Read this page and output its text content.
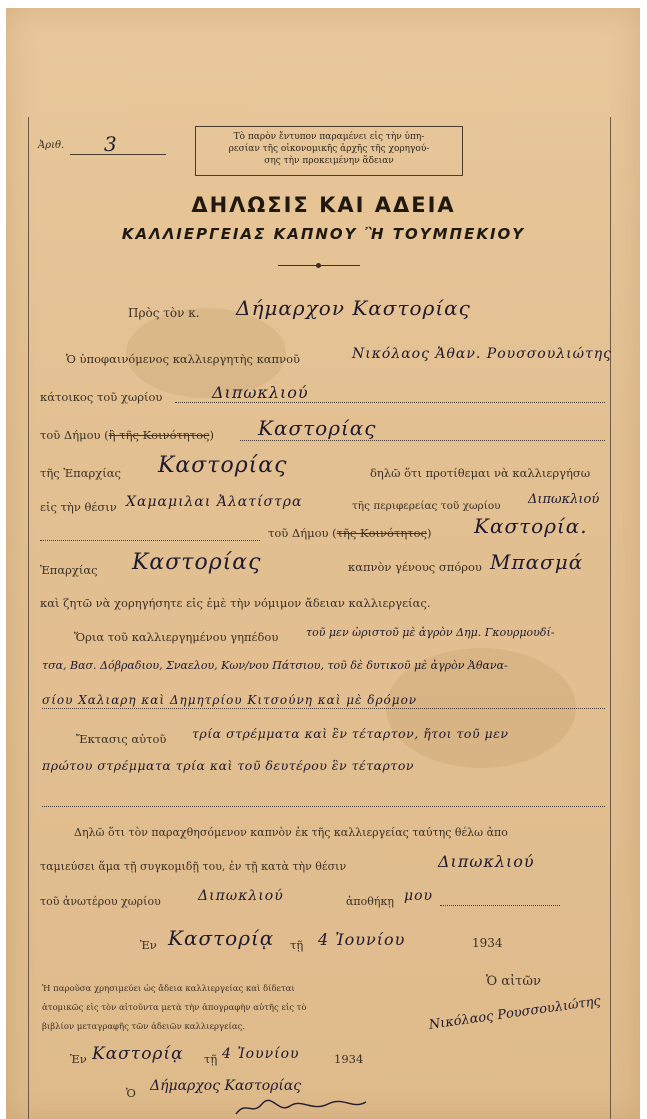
Ἀριθ. 3	Τὸ παρὸν ἔντυπον παραμένει εἰς τὴν ὑπη-
ρεσίαν τῆς οἰκονομικῆς ἀρχῆς τῆς χορηγού-
σης τὴν προκειμένην ἄδειαν
ΔΗΛΩΣΙΣ ΚΑΙ ΑΔΕΙΑ
ΚΑΛΛΙΕΡΓΕΙΑΣ ΚΑΠΝΟΥ Ἢ ΤΟΥΜΠΕΚΙΟΥ
Πρὸς τὸν κ. Δήμαρχον Καστορίας
Ὁ ὑποφαινόμενος καλλιεργητὴς καπνοῦ	Νικόλαος Ἀθαν. Ρουσσουλιώτης
κάτοικος τοῦ χωρίου	Διπωκλιού
τοῦ Δήμου (ἢ τῆς Κοινότητος) Καστορίας
τῆς Ἐπαρχίας Καστορίας	δηλῶ ὅτι προτίθεμαι νὰ καλλιεργήσω
εἰς τὴν θέσιν Χαμαμιλαι Ἀλατίστρα	τῆς περιφερείας τοῦ χωρίου Διπωκλιού
τοῦ Δήμου (τῆς Κοινότητος) Καστορία.
Ἐπαρχίας Καστορίας	καπνὸν γένους σπόρου Μπασμά
καὶ ζητῶ νὰ χορηγήσητε εἰς ἐμὲ τὴν νόμιμον ἄδειαν καλλιεργείας.
Ὅρια τοῦ καλλιεργημένου γηπέδου	τοῦ μεν ὡριστοῦ μὲ ἀγρὸν Δημ. Γκουρμουδί-
τσα, Βασ. Δόβραδιου, Σναελου, Κων/νου Πάτσιου, τοῦ δὲ δυτικοῦ μὲ ἀγρὸν Ἀθανα-
σίου Χαλιαρη καὶ Δημητρίου Κιτσούνη καὶ μὲ δρόμον
Ἔκτασις αὐτοῦ τρία στρέμματα καὶ ἓν τέταρτον, ἤτοι τοῦ μεν
πρώτου στρέμματα τρία καὶ τοῦ δευτέρου ἓν τέταρτον
Δηλῶ ὅτι τὸν παραχθησόμενον καπνὸν ἐκ τῆς καλλιεργείας ταύτης θέλω ἀπο
ταμιεύσει ἅμα τῇ συγκομιδῇ του, ἐν τῇ κατὰ τὴν θέσιν	Διπωκλιού
τοῦ ἀνωτέρου χωρίου	Διπωκλιού	ἀποθήκῃ μου
Ἐν Καστορίᾳ τῇ 4 Ἰουνίου	1934
Ἡ παροῦσα χρησιμεύει ὡς ἄδεια καλλιεργείας καὶ δίδεται
ἀτομικῶς εἰς τὸν αἰτοῦντα μετὰ τὴν ἀπογραφὴν αὐτῆς εἰς τὸ
βιβλίον μεταγραφῆς τῶν ἀδειῶν καλλιεργείας.
Ὁ αἰτῶν
Νικόλαος Ρουσσουλιώτης
Ἐν Καστορίᾳ τῇ 4 Ἰουνίου	1934
Ὁ Δήμαρχος Καστορίας
